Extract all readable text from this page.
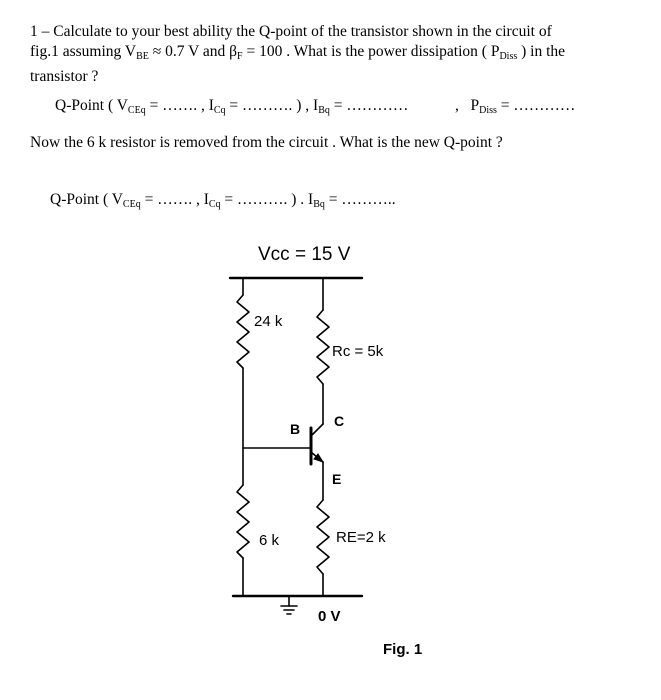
1 – Calculate to your best ability the Q-point of the transistor shown in the circuit of
fig.1 assuming $V_{BE} \approx 0.7$ V and $\beta_F = 100$ . What is the power dissipation ( $P_{Diss}$ ) in the
transistor ?
Q-Point ( $V_{CEq}$ = ……. , $I_{Cq}$ = ………. ) , $I_{Bq}$ = …………	, $P_{Diss}$ = …………
Now the 6 k resistor is removed from the circuit . What is the new Q-point ?
Q-Point ( $V_{CEq}$ = ……. , $I_{Cq}$ = ………. ) . $I_{Bq}$ = ………..
Vcc = 15 V
24 k
Rc = 5k
C
B
E
6 k	RE=2 k
0 V
Fig. 1
